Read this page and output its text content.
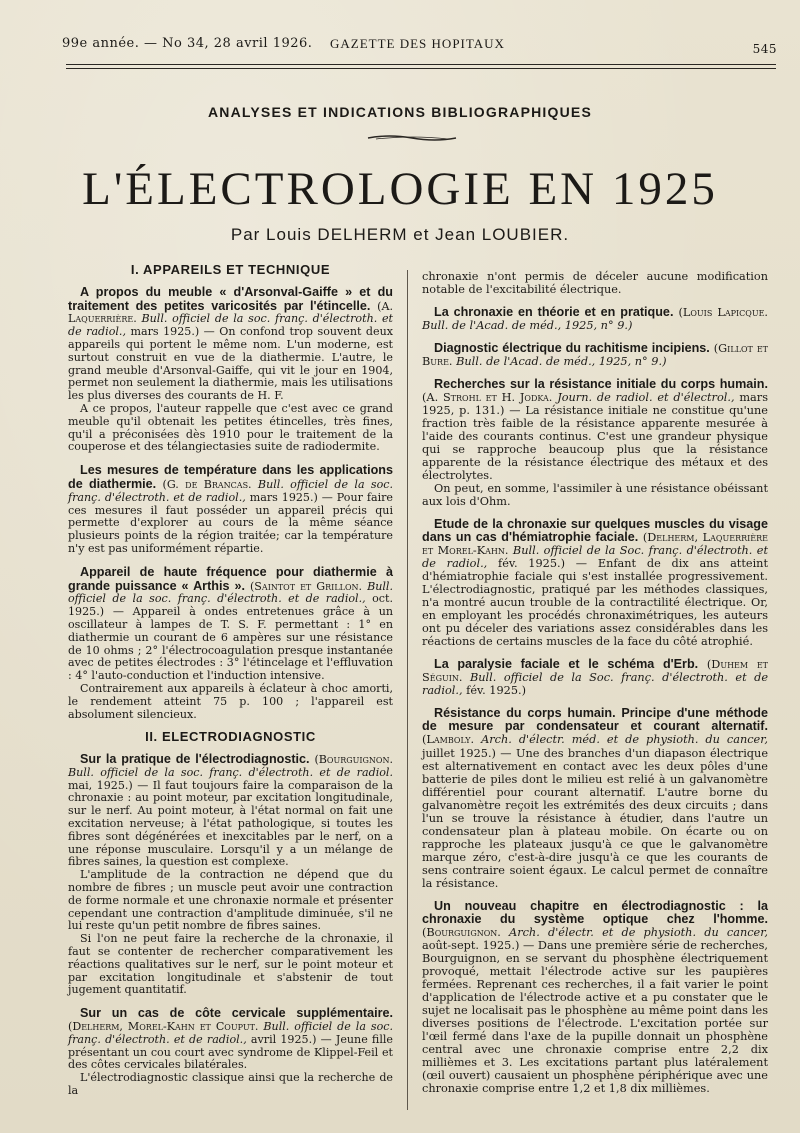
99e année. — No 34, 28 avril 1926. GAZETTE DES HOPITAUX	545
ANALYSES ET INDICATIONS BIBLIOGRAPHIQUES
L'ÉLECTROLOGIE EN 1925
Par Louis DELHERM et Jean LOUBIER.
I. APPAREILS ET TECHNIQUE

A propos du meuble « d'Arsonval-Gaiffe » et du traitement des petites varicosités par l'étincelle. (A. Laquerrière. Bull. officiel de la soc. franç. d'électroth. et de radiol., mars 1925.) — On confond trop souvent deux appareils qui portent le même nom. L'un moderne, est surtout construit en vue de la diathermie. L'autre, le grand meuble d'Arsonval-Gaiffe, qui vit le jour en 1904, permet non seulement la diathermie, mais les utilisations les plus diverses des courants de H. F.

A ce propos, l'auteur rappelle que c'est avec ce grand meuble qu'il obtenait les petites étincelles, très fines, qu'il a préconisées dès 1910 pour le traitement de la couperose et des télangiectasies suite de radiodermite.

Les mesures de température dans les applications de diathermie. (G. de Brancas. Bull. officiel de la soc. franç. d'électroth. et de radiol., mars 1925.) — Pour faire ces mesures il faut posséder un appareil précis qui permette d'explorer au cours de la même séance plusieurs points de la région traitée; car la température n'y est pas uniformément répartie.

Appareil de haute fréquence pour diathermie à grande puissance « Arthis ». (Saintot et Grillon. Bull. officiel de la soc. franç. d'électroth. et de radiol., oct. 1925.) — Appareil à ondes entretenues grâce à un oscillateur à lampes de T. S. F. permettant : 1° en diathermie un courant de 6 ampères sur une résistance de 10 ohms ; 2° l'électrocoagulation presque instantanée avec de petites électrodes : 3° l'étincelage et l'effluvation : 4° l'auto-conduction et l'induction intensive.

Contrairement aux appareils à éclateur à choc amorti, le rendement atteint 75 p. 100 ; l'appareil est absolument silencieux.

II. ELECTRODIAGNOSTIC

Sur la pratique de l'électrodiagnostic. (Bourguignon. Bull. officiel de la soc. franç. d'électroth. et de radiol. mai, 1925.) — Il faut toujours faire la comparaison de la chronaxie : au point moteur, par excitation longitudinale, sur le nerf. Au point moteur, à l'état normal on fait une excitation nerveuse; à l'état pathologique, si toutes les fibres sont dégénérées et inexcitables par le nerf, on a une réponse musculaire. Lorsqu'il y a un mélange de fibres saines, la question est complexe.

L'amplitude de la contraction ne dépend que du nombre de fibres ; un muscle peut avoir une contraction de forme normale et une chronaxie normale et présenter cependant une contraction d'amplitude diminuée, s'il ne lui reste qu'un petit nombre de fibres saines.

Si l'on ne peut faire la recherche de la chronaxie, il faut se contenter de rechercher comparativement les réactions qualitatives sur le nerf, sur le point moteur et par excitation longitudinale et s'abstenir de tout jugement quantitatif.

Sur un cas de côte cervicale supplémentaire. (Delherm, Morel-Kahn et Couput. Bull. officiel de la soc. franç. d'électroth. et de radiol., avril 1925.) — Jeune fille présentant un cou court avec syndrome de Klippel-Feil et des côtes cervicales bilatérales.

L'électrodiagnostic classique ainsi que la recherche de la

chronaxie n'ont permis de déceler aucune modification notable de l'excitabilité électrique.

La chronaxie en théorie et en pratique. (Louis Lapicque. Bull. de l'Acad. de méd., 1925, n° 9.)

Diagnostic électrique du rachitisme incipiens. (Gillot et Bure. Bull. de l'Acad. de méd., 1925, n° 9.)

Recherches sur la résistance initiale du corps humain. (A. Strohl et H. Jodka. Journ. de radiol. et d'électrol., mars 1925, p. 131.) — La résistance initiale ne constitue qu'une fraction très faible de la résistance apparente mesurée à l'aide des courants continus. C'est une grandeur physique qui se rapproche beaucoup plus que la résistance apparente de la résistance électrique des métaux et des électrolytes.

On peut, en somme, l'assimiler à une résistance obéissant aux lois d'Ohm.

Etude de la chronaxie sur quelques muscles du visage dans un cas d'hémiatrophie faciale. (Delherm, Laquerrière et Morel-Kahn. Bull. officiel de la Soc. franç. d'électroth. et de radiol., fév. 1925.) — Enfant de dix ans atteint d'hémiatrophie faciale qui s'est installée progressivement. L'électrodiagnostic, pratiqué par les méthodes classiques, n'a montré aucun trouble de la contractilité électrique. Or, en employant les procédés chronaximétriques, les auteurs ont pu déceler des variations assez considérables dans les réactions de certains muscles de la face du côté atrophié.

La paralysie faciale et le schéma d'Erb. (Duhem et Séguin. Bull. officiel de la Soc. franç. d'électroth. et de radiol., fév. 1925.)

Résistance du corps humain. Principe d'une méthode de mesure par condensateur et courant alternatif. (Lamboly. Arch. d'électr. méd. et de physioth. du cancer, juillet 1925.) — Une des branches d'un diapason électrique est alternativement en contact avec les deux pôles d'une batterie de piles dont le milieu est relié à un galvanomètre différentiel pour courant alternatif. L'autre borne du galvanomètre reçoit les extrémités des deux circuits ; dans l'un se trouve la résistance à étudier, dans l'autre un condensateur plan à plateau mobile. On écarte ou on rapproche les plateaux jusqu'à ce que le galvanomètre marque zéro, c'est-à-dire jusqu'à ce que les courants de sens contraire soient égaux. Le calcul permet de connaître la résistance.

Un nouveau chapitre en électrodiagnostic : la chronaxie du système optique chez l'homme. (Bourguignon. Arch. d'électr. et de physioth. du cancer, août-sept. 1925.) — Dans une première série de recherches, Bourguignon, en se servant du phosphène électriquement provoqué, mettait l'électrode active sur les paupières fermées. Reprenant ces recherches, il a fait varier le point d'application de l'électrode active et a pu constater que le sujet ne localisait pas le phosphène au même point dans les diverses positions de l'électrode. L'excitation portée sur l'œil fermé dans l'axe de la pupille donnait un phosphène central avec une chronaxie comprise entre 2,2 dix millièmes et 3. Les excitations partant plus latéralement (œil ouvert) causaient un phosphène périphérique avec une chronaxie comprise entre 1,2 et 1,8 dix millièmes.
